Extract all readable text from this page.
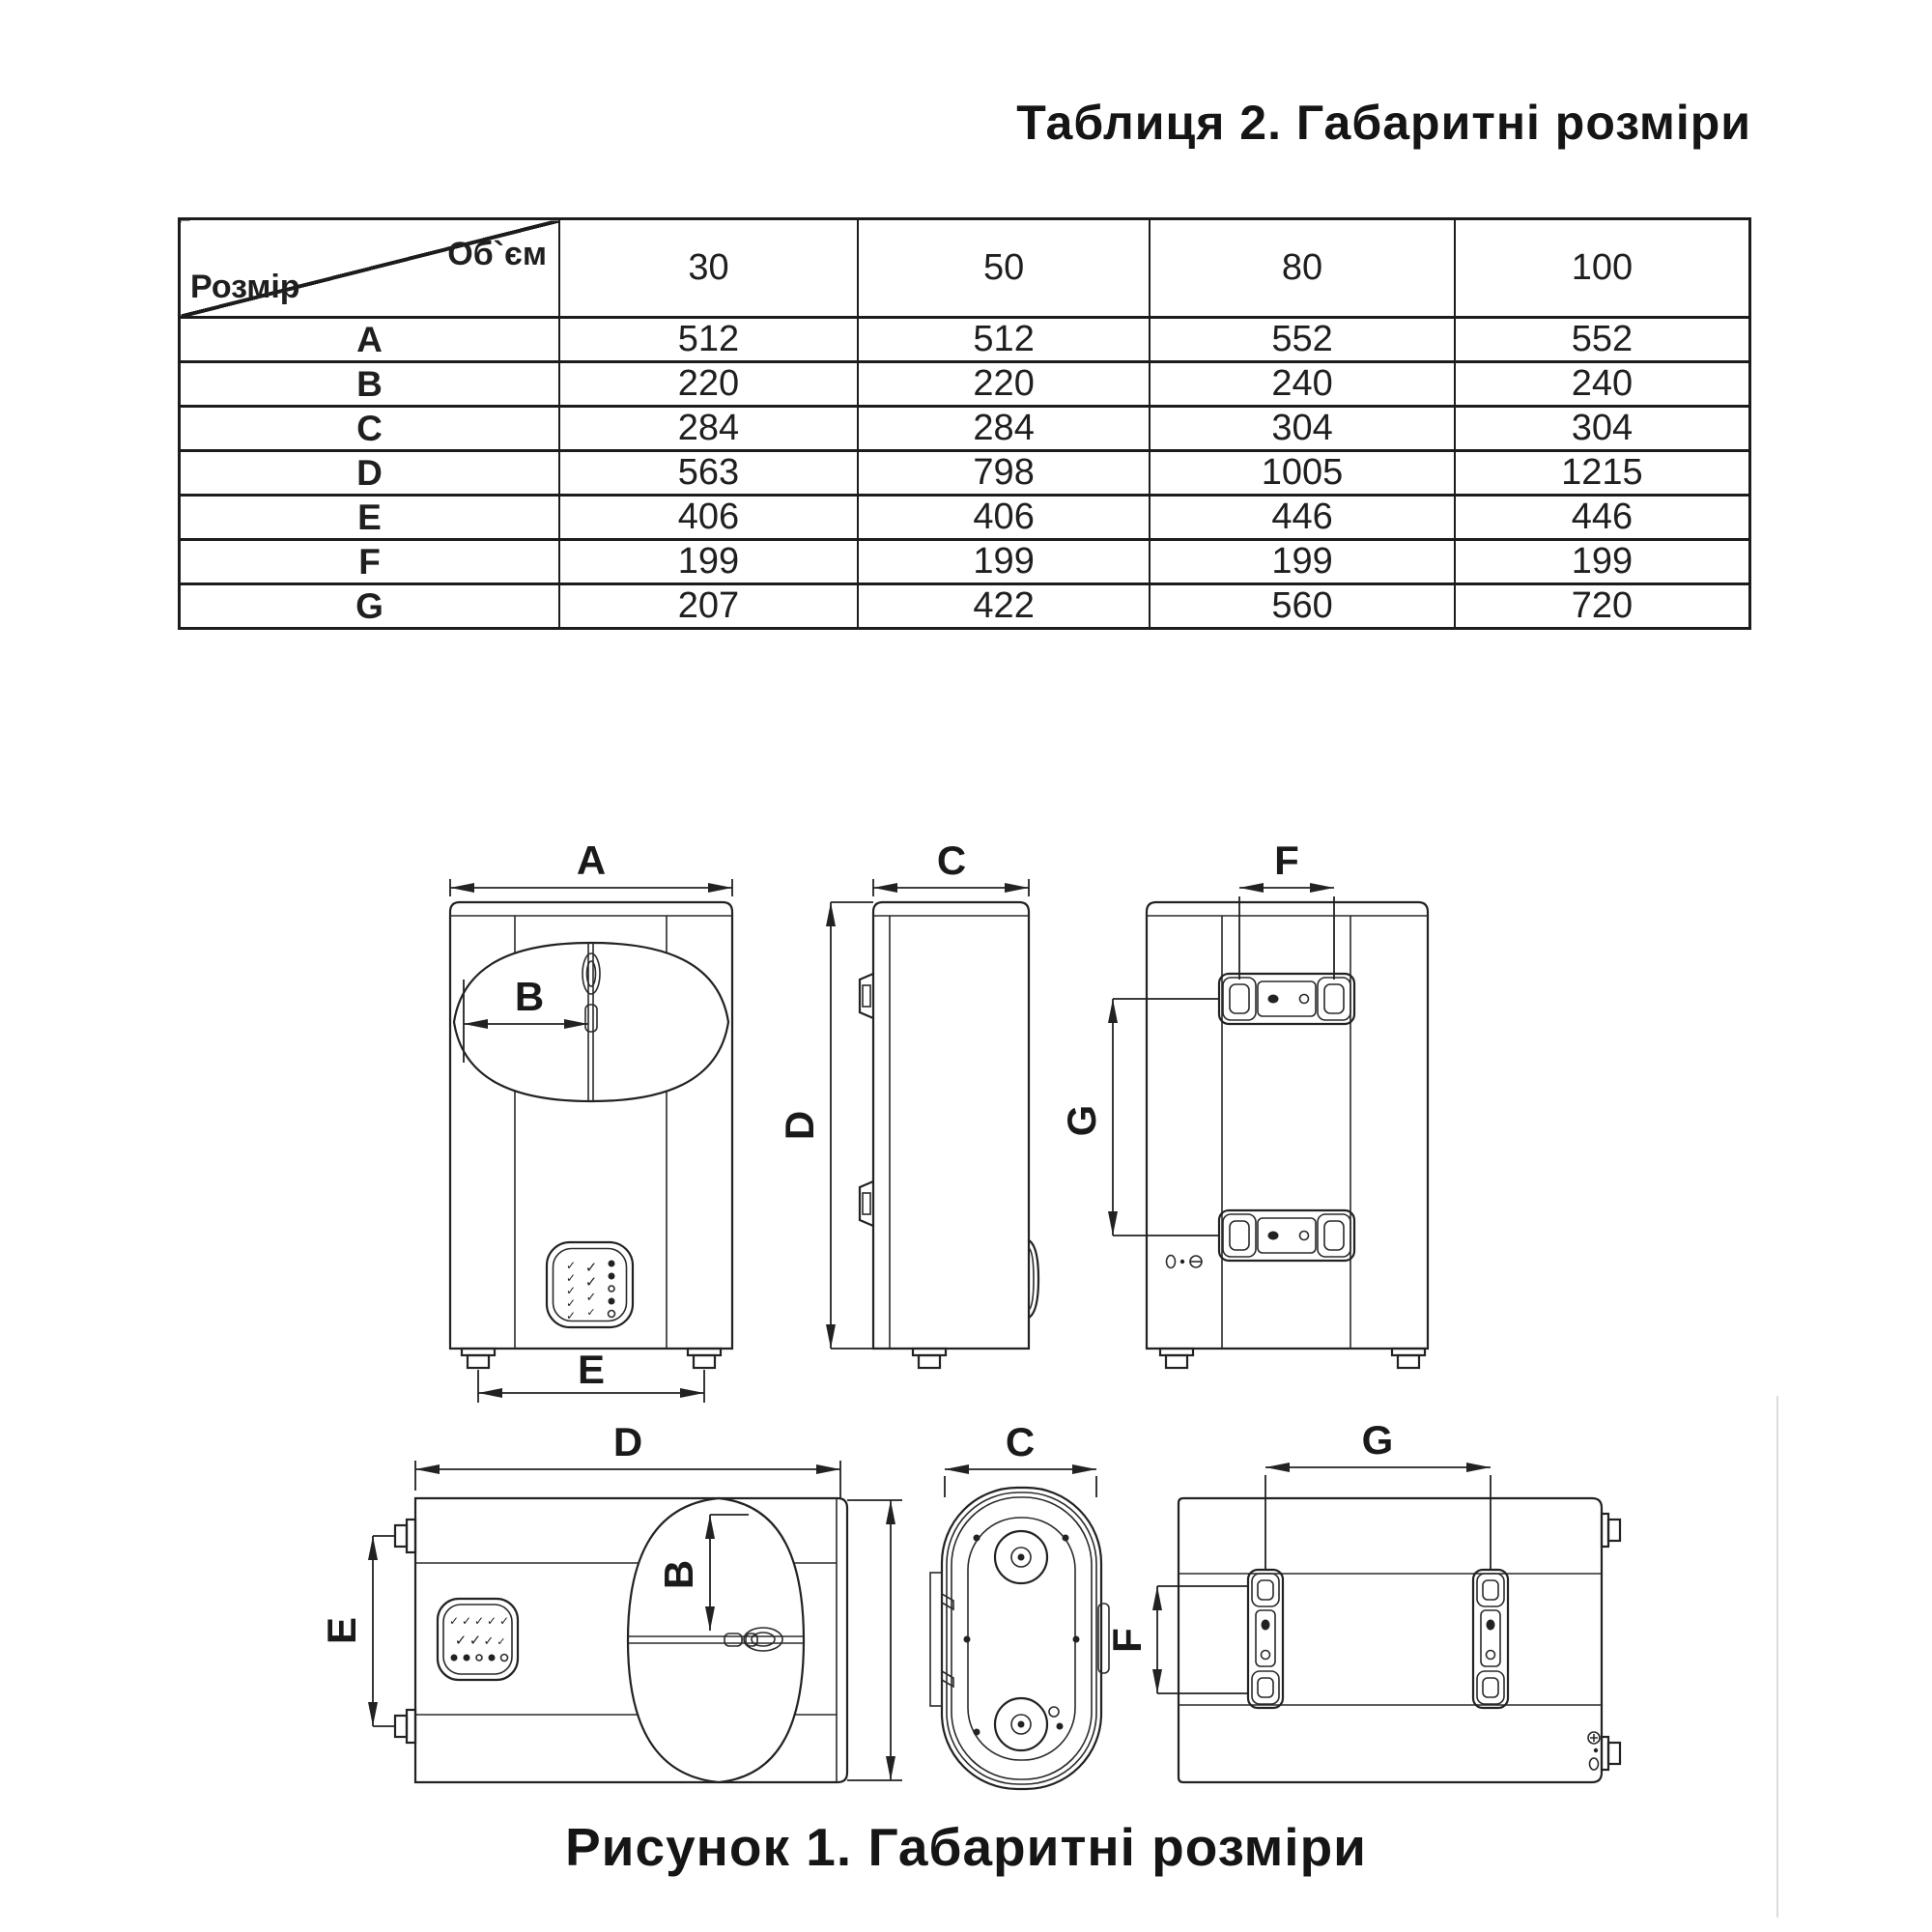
Таблиця 2. Габаритні розміри
Об`єм
Розмір	30	50	80	100
A	512	512	552	552
B	220	220	240	240
C	284	284	304	304
D	563	798	1005	1215
E	406	406	446	446
F	199	199	199	199
G	207	422	560	720
✓
✓
✓
✓
✓
✓
✓
✓
✓
A
B
E
C
D
F
G
✓ ✓ ✓ ✓ ✓
✓ ✓ ✓ ✓
E
D
B
C	G
F
Рисунок 1. Габаритні розміри
